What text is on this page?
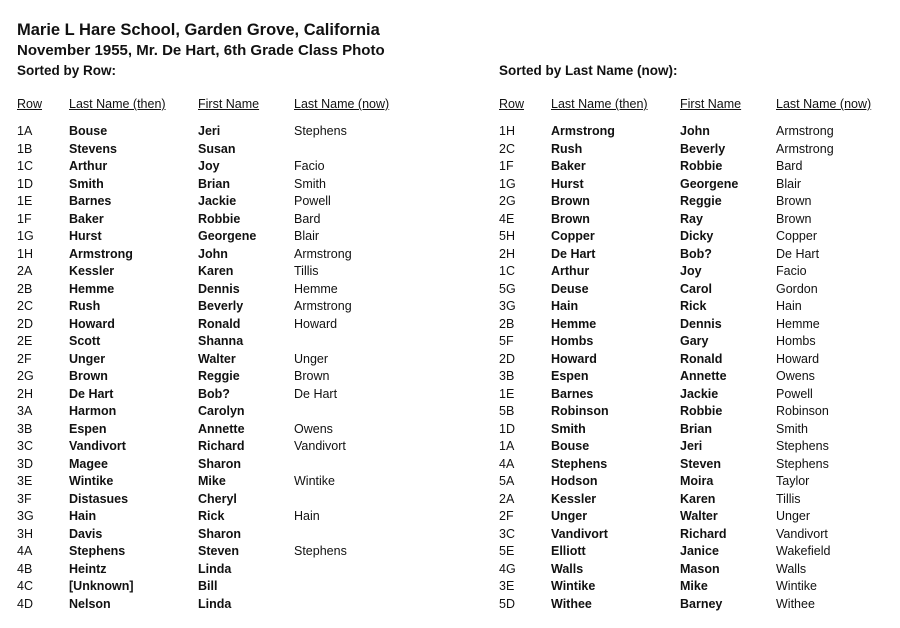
Marie L Hare School, Garden Grove, California
November 1955, Mr. De Hart, 6th Grade Class Photo
Sorted by Row:	Sorted by Last Name (now):
Row Last Name (then)	First Name	Last Name (now)
1A	Bouse	Jeri	Stephens
1B	Stevens	Susan
1C	Arthur	Joy	Facio
1D	Smith	Brian	Smith
1E	Barnes	Jackie	Powell
1F	Baker	Robbie	Bard
1G	Hurst	Georgene	Blair
1H	Armstrong	John	Armstrong
2A	Kessler	Karen	Tillis
2B	Hemme	Dennis	Hemme
2C	Rush	Beverly	Armstrong
2D	Howard	Ronald	Howard
2E	Scott	Shanna
2F	Unger	Walter	Unger
2G	Brown	Reggie	Brown
2H	De Hart	Bob?	De Hart
3A	Harmon	Carolyn
3B	Espen	Annette	Owens
3C	Vandivort	Richard	Vandivort
3D	Magee	Sharon
3E	Wintike	Mike	Wintike
3F	Distasues	Cheryl
3G	Hain	Rick	Hain
3H	Davis	Sharon
4A	Stephens	Steven	Stephens
4B	Heintz	Linda
4C	[Unknown]	Bill
4D	Nelson	Linda
Row Last Name (then)	First Name	Last Name (now)
1H	Armstrong	John	Armstrong
2C	Rush	Beverly	Armstrong
1F	Baker	Robbie	Bard
1G	Hurst	Georgene	Blair
2G	Brown	Reggie	Brown
4E	Brown	Ray	Brown
5H	Copper	Dicky	Copper
2H	De Hart	Bob?	De Hart
1C	Arthur	Joy	Facio
5G	Deuse	Carol	Gordon
3G	Hain	Rick	Hain
2B	Hemme	Dennis	Hemme
5F	Hombs	Gary	Hombs
2D	Howard	Ronald	Howard
3B	Espen	Annette	Owens
1E	Barnes	Jackie	Powell
5B	Robinson	Robbie	Robinson
1D	Smith	Brian	Smith
1A	Bouse	Jeri	Stephens
4A	Stephens	Steven	Stephens
5A	Hodson	Moira	Taylor
2A	Kessler	Karen	Tillis
2F	Unger	Walter	Unger
3C	Vandivort	Richard	Vandivort
5E	Elliott	Janice	Wakefield
4G	Walls	Mason	Walls
3E	Wintike	Mike	Wintike
5D	Withee	Barney	Withee
